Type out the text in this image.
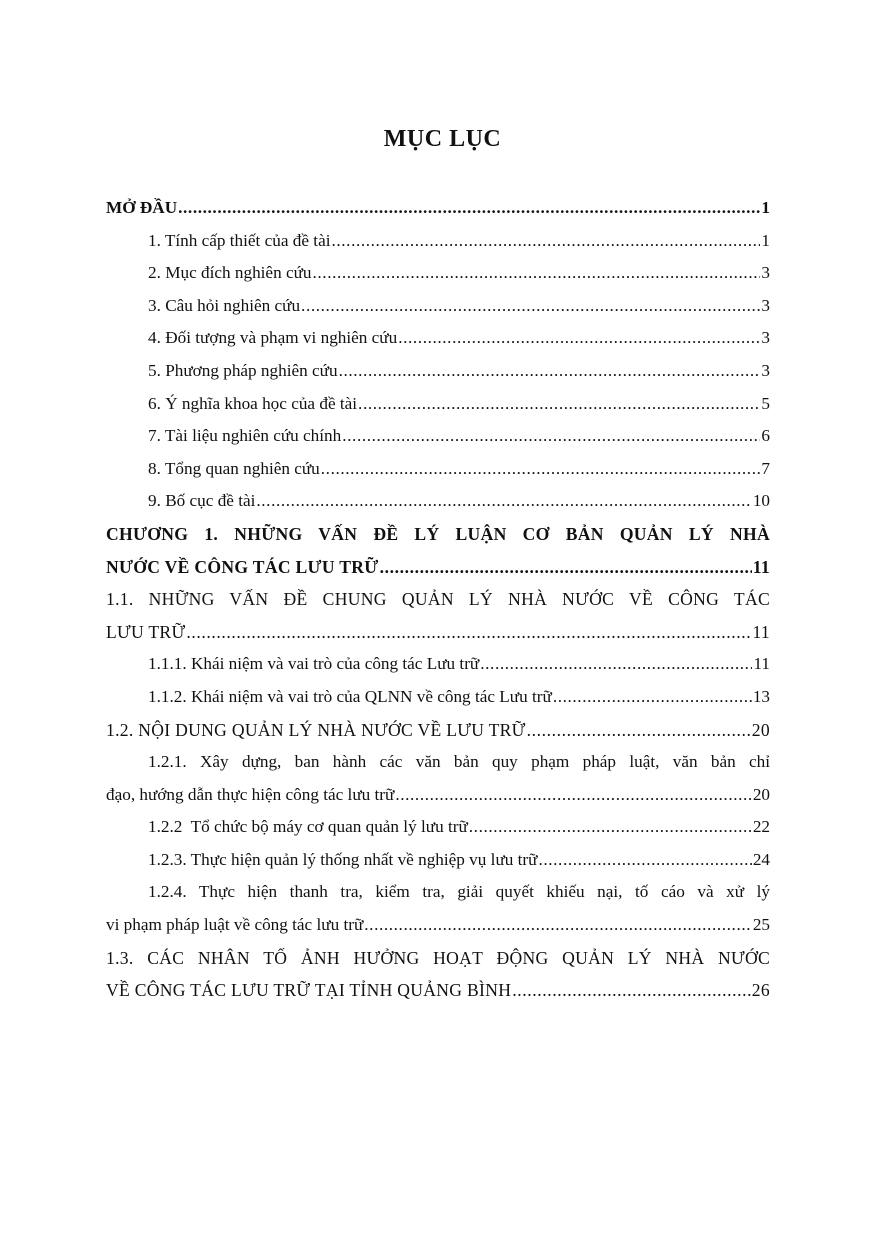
MỤC LỤC
MỞ ĐẦU .....	1
1. Tính cấp thiết của đề tài .....	1
2. Mục đích nghiên cứu .....	3
3. Câu hỏi nghiên cứu .....	3
4. Đối tượng và phạm vi nghiên cứu .....	3
5. Phương pháp nghiên cứu .....	3
6. Ý nghĩa khoa học của đề tài .....	5
7. Tài liệu nghiên cứu chính .....	6
8. Tổng quan nghiên cứu .....	7
9. Bố cục đề tài .....	10
CHƯƠNG 1. NHỮNG VẤN ĐỀ LÝ LUẬN CƠ BẢN QUẢN LÝ NHÀ
NƯỚC VỀ CÔNG TÁC LƯU TRỮ .....	11
1.1. NHỮNG VẤN ĐỀ CHUNG QUẢN LÝ NHÀ NƯỚC VỀ CÔNG TÁC
LƯU TRỮ .....	11
1.1.1. Khái niệm và vai trò của công tác Lưu trữ .....	11
1.1.2. Khái niệm và vai trò của QLNN về công tác Lưu trữ .....	13
1.2. NỘI DUNG QUẢN LÝ NHÀ NƯỚC VỀ LƯU TRỮ .....	20
1.2.1. Xây dựng, ban hành các văn bản quy phạm pháp luật, văn bản chỉ
đạo, hướng dẫn thực hiện công tác lưu trữ .....	20
1.2.2  Tổ chức bộ máy cơ quan quản lý lưu trữ .....	22
1.2.3. Thực hiện quản lý thống nhất về nghiệp vụ lưu trữ .....	24
1.2.4. Thực hiện thanh tra, kiểm tra, giải quyết khiếu nại, tố cáo và xử lý
vi phạm pháp luật về công tác lưu trữ .....	25
1.3. CÁC NHÂN TỐ ẢNH HƯỞNG HOẠT ĐỘNG QUẢN LÝ NHÀ NƯỚC
VỀ CÔNG TÁC LƯU TRỮ TẠI TỈNH QUẢNG BÌNH .....	26
